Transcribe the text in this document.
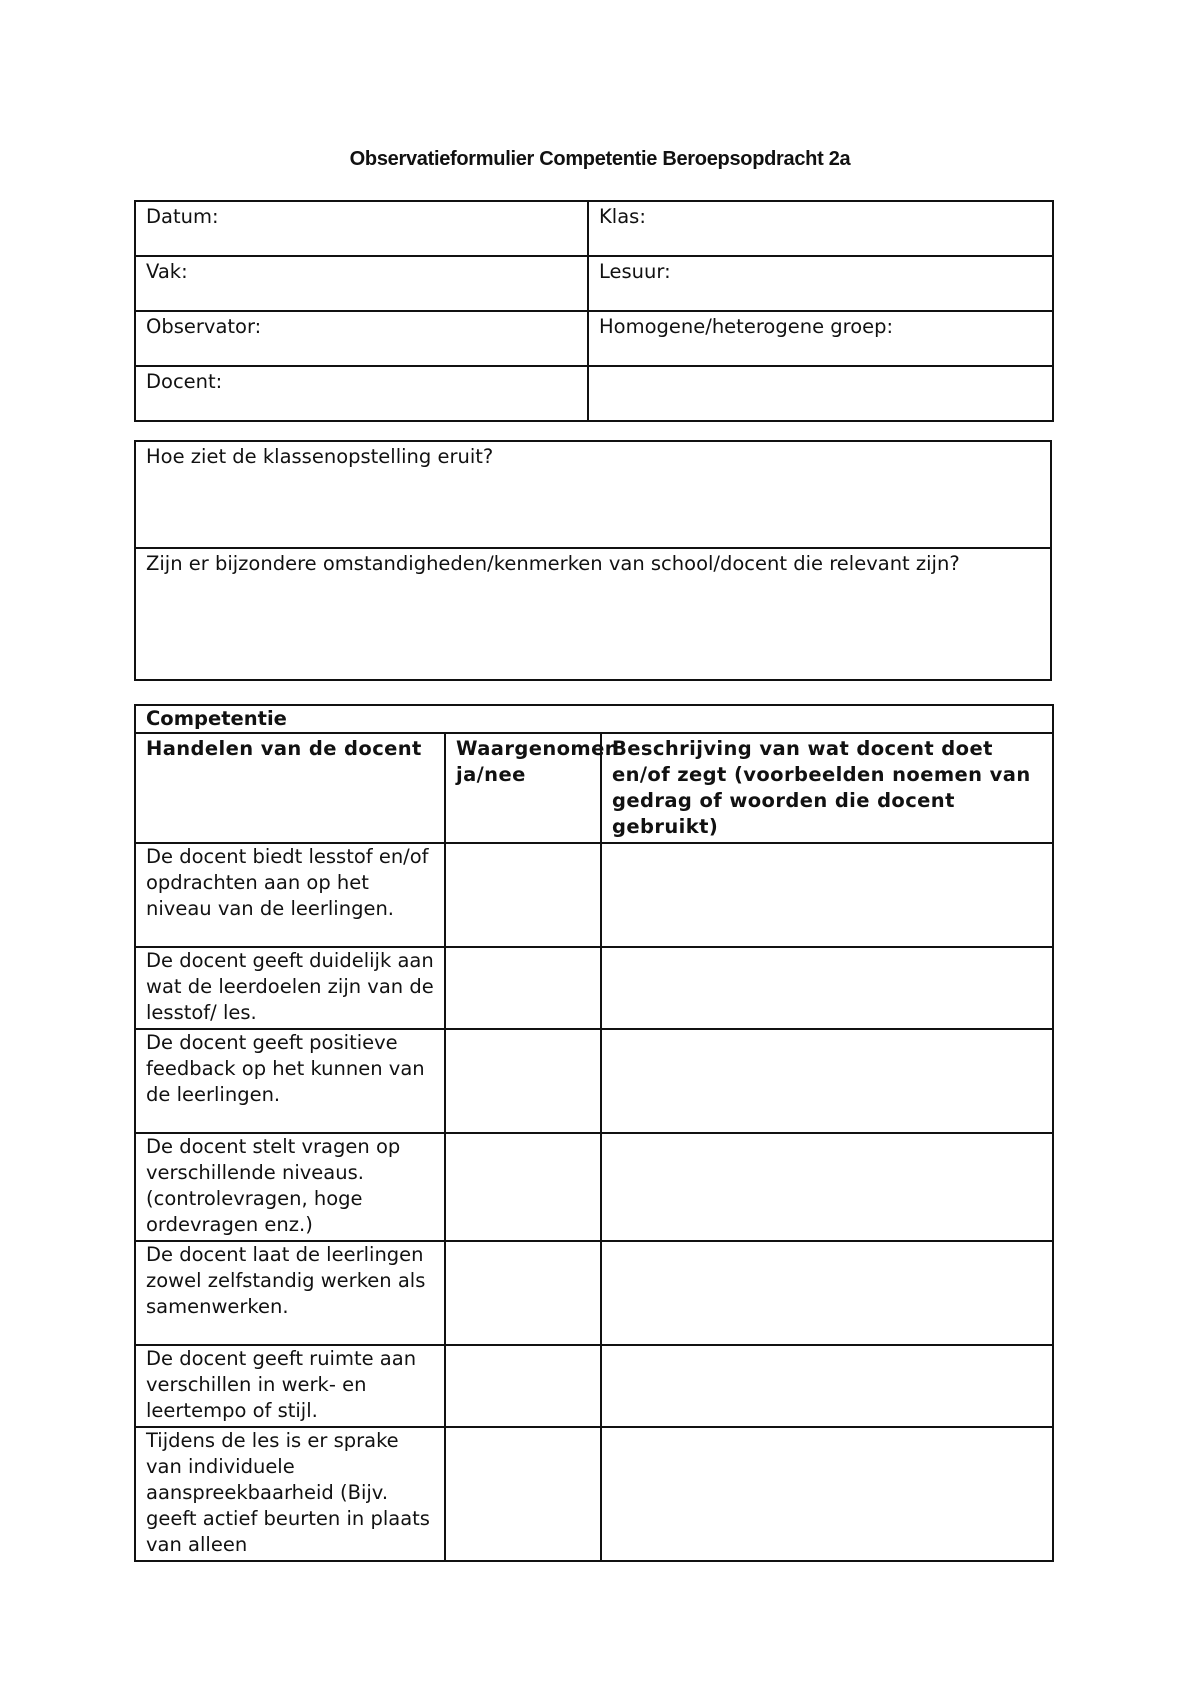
Observatieformulier Competentie Beroepsopdracht 2a
Datum:	Klas:
Vak:	Lesuur:
Observator:	Homogene/heterogene groep:
Docent:	
Hoe ziet de klassenopstelling eruit?
Zijn er bijzondere omstandigheden/kenmerken van school/docent die relevant zijn?
Competentie		
Handelen van de docent	Waargenomen ja/nee	Beschrijving van wat docent doet en/of zegt (voorbeelden noemen van gedrag of woorden die docent gebruikt)
De docent biedt lesstof en/of opdrachten aan op het niveau van de leerlingen.		
De docent geeft duidelijk aan wat de leerdoelen zijn van de lesstof/ les.		
De docent geeft positieve feedback op het kunnen van de leerlingen.		
De docent stelt vragen op verschillende niveaus. (controlevragen, hoge ordevragen enz.)		
De docent laat de leerlingen zowel zelfstandig werken als samenwerken.		
De docent geeft ruimte aan verschillen in werk- en leertempo of stijl.		
Tijdens de les is er sprake van individuele aanspreekbaarheid (Bijv. geeft actief beurten in plaats van alleen		
